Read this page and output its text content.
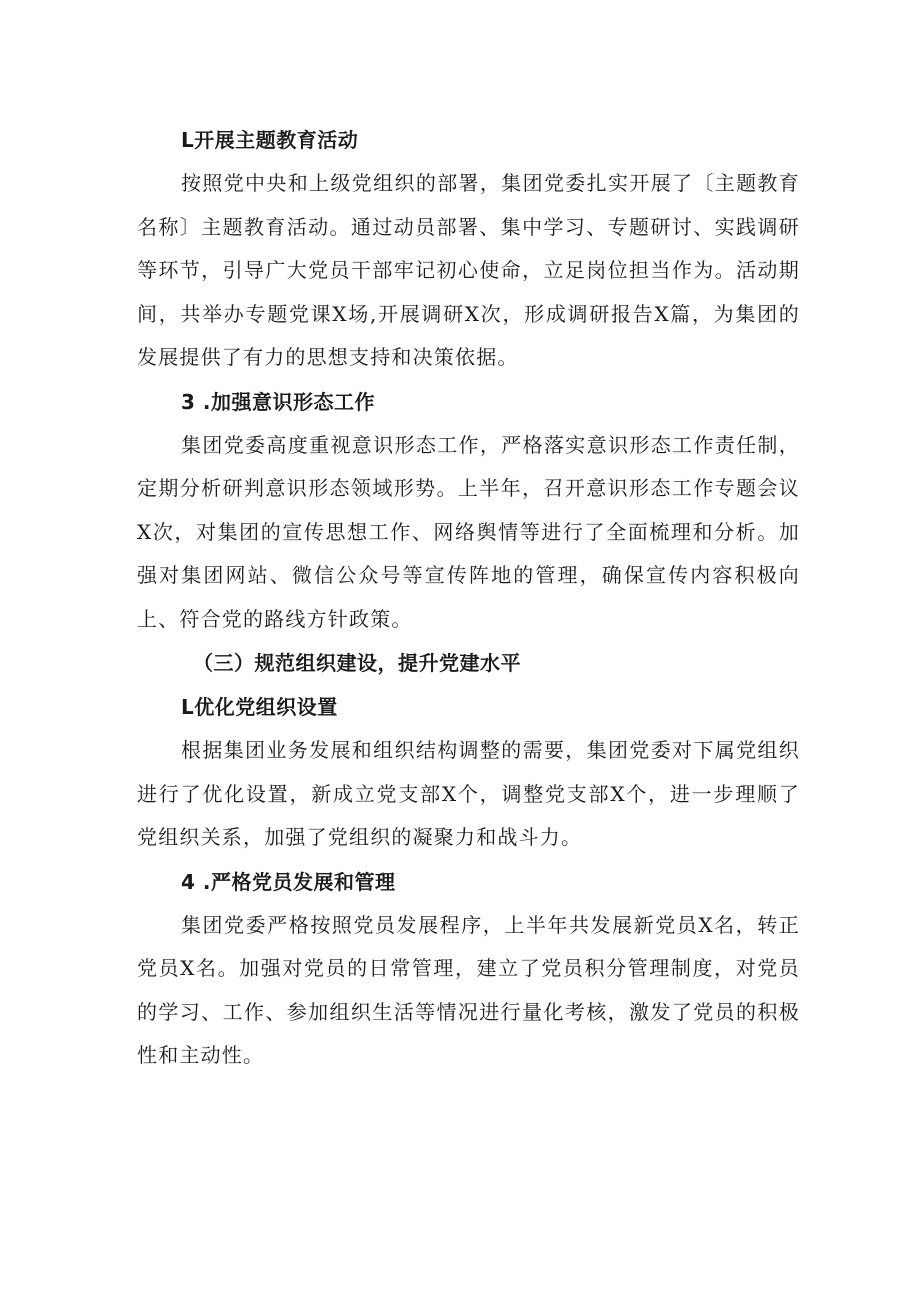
L开展主题教育活动

按照党中央和上级党组织的部署，集团党委扎实开展了〔主题教育名称〕主题教育活动。通过动员部署、集中学习、专题研讨、实践调研等环节，引导广大党员干部牢记初心使命，立足岗位担当作为。活动期间，共举办专题党课X场,开展调研X次，形成调研报告X篇，为集团的发展提供了有力的思想支持和决策依据。

3 .加强意识形态工作

集团党委高度重视意识形态工作，严格落实意识形态工作责任制，定期分析研判意识形态领域形势。上半年，召开意识形态工作专题会议X次，对集团的宣传思想工作、网络舆情等进行了全面梳理和分析。加强对集团网站、微信公众号等宣传阵地的管理，确保宣传内容积极向上、符合党的路线方针政策。

（三）规范组织建设，提升党建水平
L优化党组织设置

根据集团业务发展和组织结构调整的需要，集团党委对下属党组织进行了优化设置，新成立党支部X个，调整党支部X个，进一步理顺了党组织关系，加强了党组织的凝聚力和战斗力。

4 .严格党员发展和管理

集团党委严格按照党员发展程序，上半年共发展新党员X名，转正党员X名。加强对党员的日常管理，建立了党员积分管理制度，对党员的学习、工作、参加组织生活等情况进行量化考核，激发了党员的积极性和主动性。
